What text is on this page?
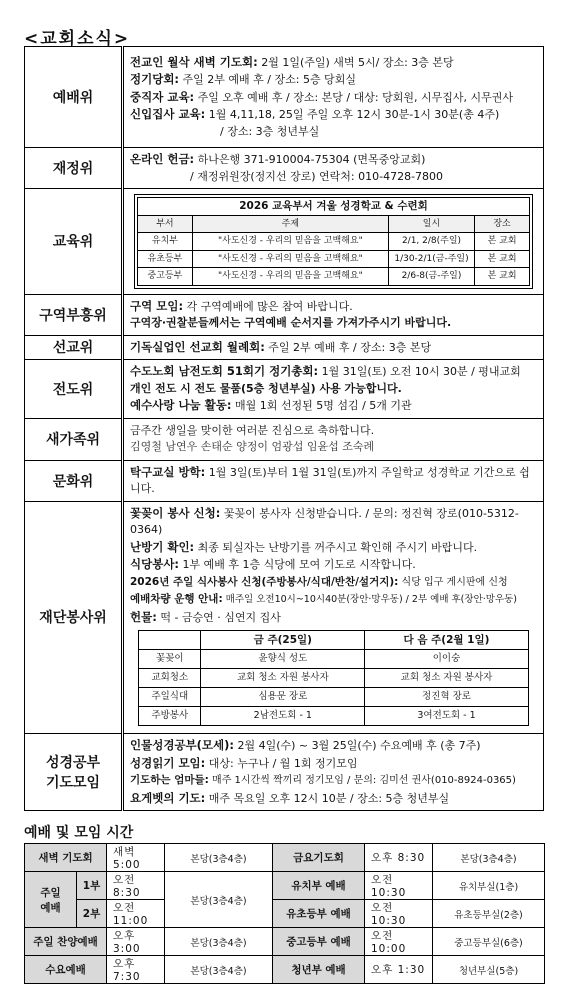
<교회소식>
예배위	
전교인 월삭 새벽 기도회: 2월 1일(주일) 새벽 5시/ 장소: 3층 본당
정기당회: 주일 2부 예배 후 / 장소: 5층 당회실
중직자 교육: 주일 오후 예배 후 / 장소: 본당 / 대상: 당회원, 시무집사, 시무권사
신입집사 교육: 1월 4,11,18, 25일 주일 오후 12시 30분-1시 30분(총 4주)
/ 장소: 3층 청년부실

재정위	
온라인 헌금: 하나은행 371-910004-75304 (면목중앙교회)
/ 재정위원장(정지선 장로) 연락처: 010-4728-7800

교육위	
2026 교육부서 겨울 성경학교 & 수련회
부서	주제	일시	장소
유치부	"사도신경 - 우리의 믿음을 고백해요"	2/1, 2/8(주일)	본 교회
유초등부	"사도신경 - 우리의 믿음을 고백해요"	1/30-2/1(금-주일)	본 교회
중고등부	"사도신경 - 우리의 믿음을 고백해요"	2/6-8(금-주일)	본 교회

구역부흥위	
구역 모임: 각 구역예배에 많은 참여 바랍니다.
구역장·권찰분들께서는 구역예배 순서지를 가져가주시기 바랍니다.

선교위	기독실업인 선교회 월례회: 주일 2부 예배 후 / 장소: 3층 본당

전도위	
수도노회 남전도회 51회기 정기총회: 1월 31일(토) 오전 10시 30분 / 평내교회
개인 전도 시 전도 물품(5층 청년부실) 사용 가능합니다.
예수사랑 나눔 활동: 매월 1회 선정된 5명 섬김 / 5개 기관

새가족위	
금주간 생일을 맞이한 여러분 진심으로 축하합니다.
김영철 남연우 손태순 양정이 엄광섭 임윤섭 조숙례

문화위	
탁구교실 방학: 1월 3일(토)부터 1월 31일(토)까지 주일학교 성경학교 기간으로 쉽니다.

재단봉사위	
꽃꽂이 봉사 신청: 꽃꽂이 봉사자 신청받습니다. / 문의: 정진혁 장로(010-5312-0364)
난방기 확인: 최종 퇴실자는 난방기를 꺼주시고 확인해 주시기 바랍니다.
식당봉사: 1부 예배 후 1층 식당에 모여 기도로 시작합니다.
2026년 주일 식사봉사 신청(주방봉사/식대/반찬/설거지): 식당 입구 게시판에 신청
예배차량 운행 안내: 매주일 오전10시~10시40분(장안·망우동) / 2부 예배 후(장안·망우동)
헌물: 떡 - 금승연 · 심연지 집사
	금 주(25일)	다 음 주(2월 1일)
꽃꽂이	윤향식 성도	이이숭
교회청소	교회 청소 자원 봉사자	교회 청소 자원 봉사자
주일식대	심용문 장로	정진혁 장로
주방봉사	2남전도회 - 1	3여전도회 - 1

성경공부
기도모임

인물성경공부(모세): 2월 4일(수) ~ 3월 25일(수) 수요예배 후 (총 7주)
성경읽기 모임: 대상: 누구나 / 월 1회 정기모임
기도하는 엄마들: 매주 1시간씩 짝끼리 정기모임 / 문의: 김미선 권사(010-8924-0365)
요게벳의 기도: 매주 목요일 오후 12시 10분 / 장소: 5층 청년부실
예배 및 모임 시간
새벽 기도회		새벽 5:00	본당(3층4층)	금요기도회	오후 8:30	본당(3층4층)

주일
예배	1부	오전 8:30	본당(3층4층)	유치부 예배	오전 10:30	유치부실(1층)
	2부	오전 11:00		유초등부 예배	오전 10:30	유초등부실(2층)
주일 찬양예배		오후 3:00	본당(3층4층)	중고등부 예배	오전 10:00	중고등부실(6층)
수요예배		오후 7:30	본당(3층4층)	청년부 예배	오후 1:30	청년부실(5층)
